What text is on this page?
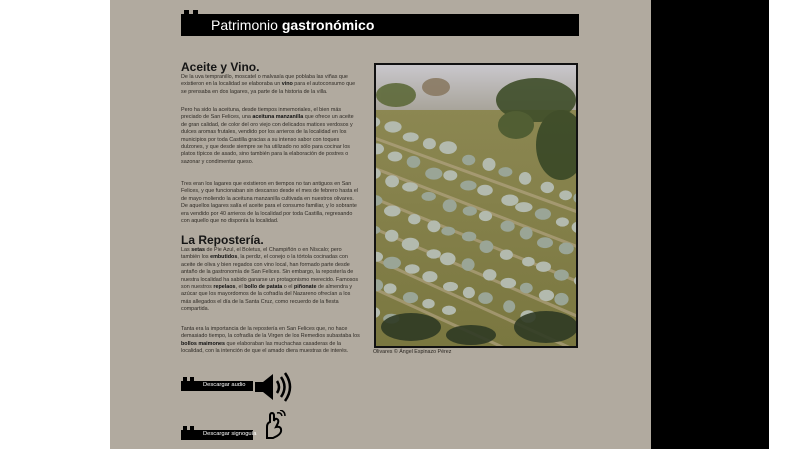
Patrimonio gastronómico
Aceite y Vino.

De la uva tempranillo, moscatel o malvasía que poblaba las viñas que existieron en la localidad se elaboraba un vino para el autoconsumo que se prensaba en dos lagares, ya parte de la historia de la villa.

Pero ha sido la aceituna, desde tiempos inmemoriales, el bien más preciado de San Felices, una aceituna manzanilla que ofrece un aceite de gran calidad, de color del oro viejo con delicados matices verdosos y dulces aromas frutales, vendido por los arrieros de la localidad en los municipios por toda Castilla gracias a su intenso sabor con toques dulzones, y que desde siempre se ha utilizado no sólo para cocinar los platos típicos de asado, sino también para la elaboración de postres o sazonar y condimentar queso.

Tres eran los lagares que existieron en tiempos no tan antiguos en San Felices, y que funcionaban sin descanso desde el mes de febrero hasta el de mayo moliendo la aceituna manzanilla cultivada en nuestros olivares. De aquellos lagares salía el aceite para el consumo familiar, y lo sobrante era vendido por 40 arrieros de la localidad por toda Castilla, regresando con aquello que no disponía la localidad.

La Repostería.

Las setas de Pie Azul, el Boletus, el Champiñón o en Níscalo; pero también los embutidos, la perdiz, el conejo o la tórtola cocinadas con aceite de oliva y bien regados con vino local, han formado parte desde antaño de la gastronomía de San Felices. Sin embargo, la repostería de nuestra localidad ha sabido ganarse un protagonismo merecido. Famosos son nuestros repelaos, el bollo de patata o el piñonate de almendra y azúcar que los mayordomos de la cofradía del Nazareno ofrecían a los más allegados el día de la Santa Cruz, como recuerdo de la fiesta compartida.

Tanta era la importancia de la repostería en San Felices que, no hace demasiado tiempo, la cofradía de la Virgen de los Remedios subastaba los bollos maimones que elaboraban las muchachas casaderas de la localidad, con la intención de que el amado diera muestras de interés.	Olivares © Ángel Espinazo Pérez
Descargar audio
Descargar signoguía
